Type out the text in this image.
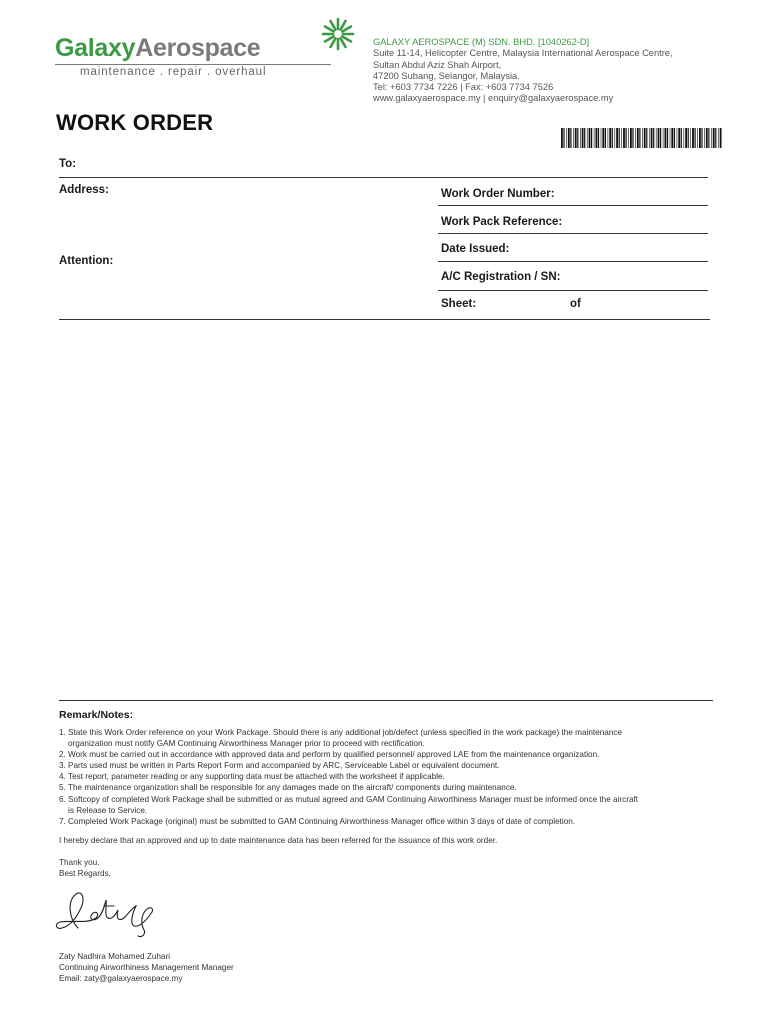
GalaxyAerospace
maintenance . repair . overhaul
GALAXY AEROSPACE (M) SDN. BHD. [1040262-D]
Suite 11-14, Helicopter Centre, Malaysia International Aerospace Centre,
Sultan Abdul Aziz Shah Airport,
47200 Subang, Selangor, Malaysia.
Tel: +603 7734 7226 | Fax: +603 7734 7526
www.galaxyaerospace.my | enquiry@galaxyaerospace.my
WORK ORDER
To:
Address:
Attention:
Work Order Number:
Work Pack Reference:
Date Issued:
A/C Registration / SN:
Sheet:	of
Remark/Notes:
1. State this Work Order reference on your Work Package. Should there is any additional job/defect (unless specified in the work package) the maintenance
organization must notify GAM Continuing Airworthiness Manager prior to proceed with rectification.
2. Work must be carried out in accordance with approved data and perform by qualified personnel/ approved LAE from the maintenance organization.
3. Parts used must be written in Parts Report Form and accompanied by ARC, Serviceable Label or equivalent document.
4. Test report, parameter reading or any supporting data must be attached with the worksheet if applicable.
5. The maintenance organization shall be responsible for any damages made on the aircraft/ components during maintenance.
6. Softcopy of completed Work Package shall be submitted or as mutual agreed and GAM Continuing Airworthiness Manager must be informed once the aircraft
is Release to Service.
7. Completed Work Package (original) must be submitted to GAM Continuing Airworthiness Manager office within 3 days of date of completion.
I hereby declare that an approved and up to date maintenance data has been referred for the issuance of this work order.
Thank you.
Best Regards,
Zaty Nadhira Mohamed Zuhari
Continuing Airworthiness Management Manager
Email: zaty@galaxyaerospace.my
